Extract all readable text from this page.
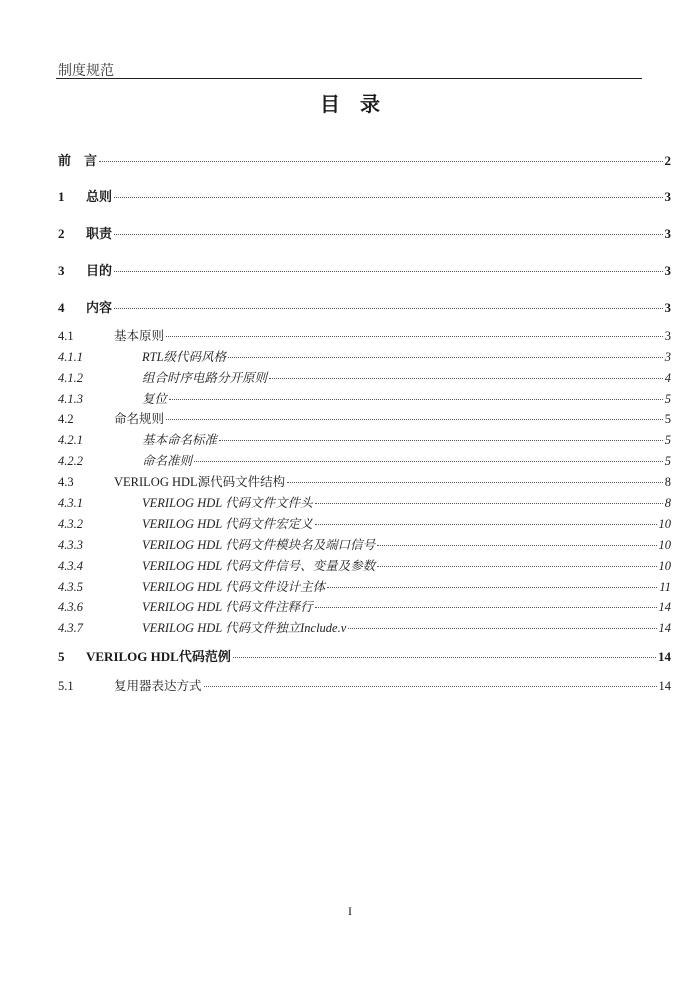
制度规范
目　录
前　言	2
1	总则	3
2	职责	3
3	目的	3
4	内容	3
4.1	基本原则	3
4.1.1	RTL级代码风格	3
4.1.2	组合时序电路分开原则	4
4.1.3	复位	5
4.2	命名规则	5
4.2.1	基本命名标准	5
4.2.2	命名准则	5
4.3	VERILOG HDL源代码文件结构	8
4.3.1	VERILOG HDL 代码文件文件头	8
4.3.2	VERILOG HDL 代码文件宏定义	10
4.3.3	VERILOG HDL 代码文件模块名及端口信号	10
4.3.4	VERILOG HDL 代码文件信号、变量及参数	10
4.3.5	VERILOG HDL 代码文件设计主体	11
4.3.6	VERILOG HDL 代码文件注释行	14
4.3.7	VERILOG HDL 代码文件独立Include.v	14
5	VERILOG HDL代码范例	14
5.1	复用器表达方式	14
I
